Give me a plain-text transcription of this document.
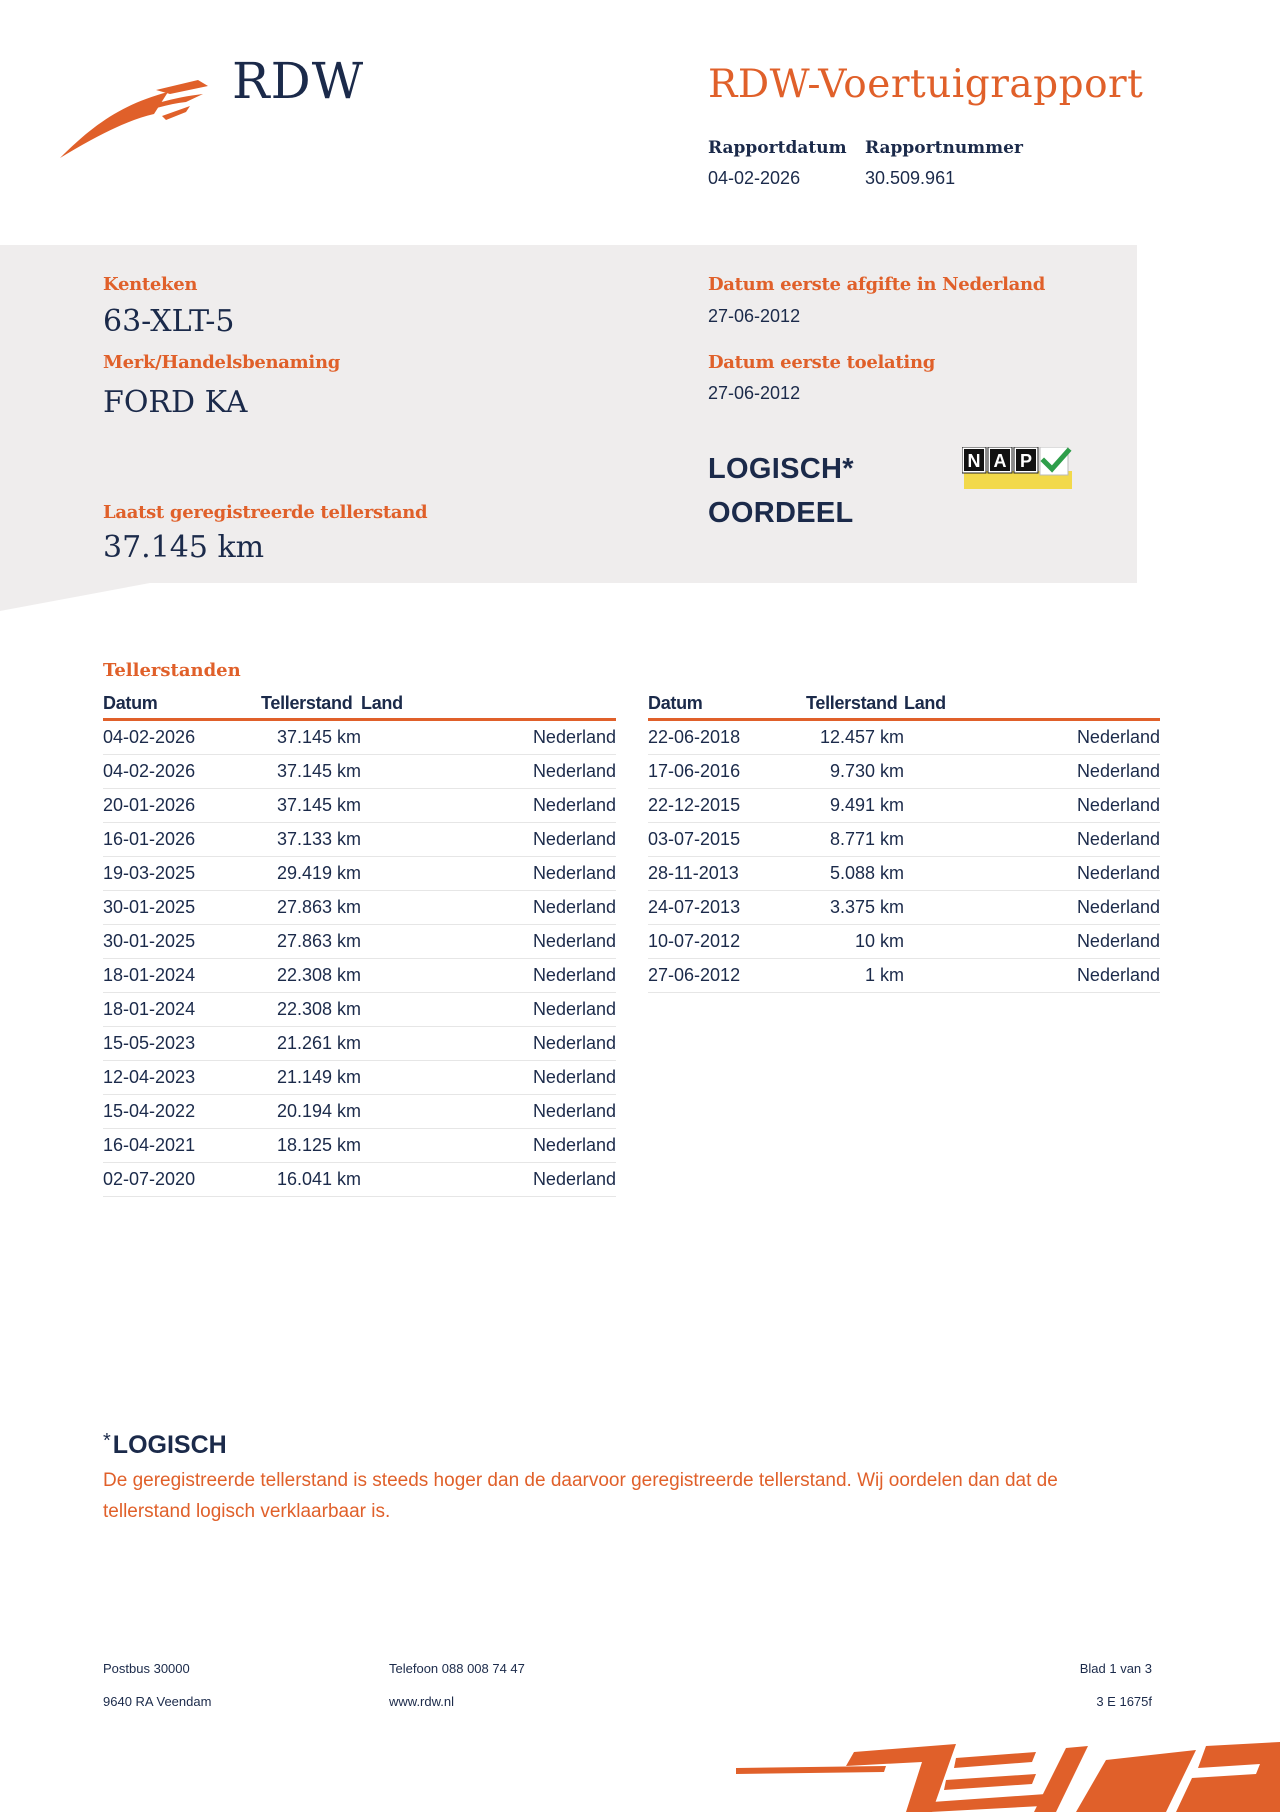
RDW	RDW-Voertuigrapport
Rapportdatum
04-02-2026
Rapportnummer
30.509.961
Kenteken
63-XLT-5
Merk/Handelsbenaming
FORD KA
Laatst geregistreerde tellerstand
37.145 km
Datum eerste afgifte in Nederland
27-06-2012
Datum eerste toelating
27-06-2012
LOGISCH*
OORDEEL
N A P
Tellerstanden
Datum	Tellerstand	Land
04-02-2026	37.145 km	Nederland
04-02-2026	37.145 km	Nederland
20-01-2026	37.145 km	Nederland
16-01-2026	37.133 km	Nederland
19-03-2025	29.419 km	Nederland
30-01-2025	27.863 km	Nederland
30-01-2025	27.863 km	Nederland
18-01-2024	22.308 km	Nederland
18-01-2024	22.308 km	Nederland
15-05-2023	21.261 km	Nederland
12-04-2023	21.149 km	Nederland
15-04-2022	20.194 km	Nederland
16-04-2021	18.125 km	Nederland
02-07-2020	16.041 km	Nederland
Datum	Tellerstand	Land
22-06-2018	12.457 km	Nederland
17-06-2016	9.730 km	Nederland
22-12-2015	9.491 km	Nederland
03-07-2015	8.771 km	Nederland
28-11-2013	5.088 km	Nederland
24-07-2013	3.375 km	Nederland
10-07-2012	10 km	Nederland
27-06-2012	1 km	Nederland
*LOGISCH
De geregistreerde tellerstand is steeds hoger dan de daarvoor geregistreerde tellerstand. Wij oordelen dan dat de tellerstand logisch verklaarbaar is.
Postbus 30000
9640 RA Veendam
Telefoon 088 008 74 47
www.rdw.nl
Blad 1 van 3
3 E 1675f
